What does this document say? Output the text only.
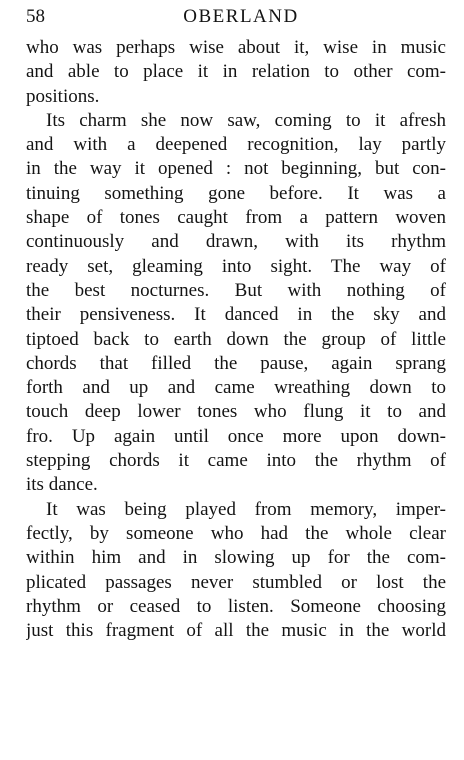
58	OBERLAND
who was perhaps wise about it, wise in music
and able to place it in relation to other com-
positions.
Its charm she now saw, coming to it afresh
and with a deepened recognition, lay partly
in the way it opened : not beginning, but con-
tinuing something gone before. It was a
shape of tones caught from a pattern woven
continuously and drawn, with its rhythm
ready set, gleaming into sight. The way of
the best nocturnes. But with nothing of
their pensiveness. It danced in the sky and
tiptoed back to earth down the group of little
chords that filled the pause, again sprang
forth and up and came wreathing down to
touch deep lower tones who flung it to and
fro. Up again until once more upon down-
stepping chords it came into the rhythm of
its dance.
It was being played from memory, imper-
fectly, by someone who had the whole clear
within him and in slowing up for the com-
plicated passages never stumbled or lost the
rhythm or ceased to listen. Someone choosing
just this fragment of all the music in the world
